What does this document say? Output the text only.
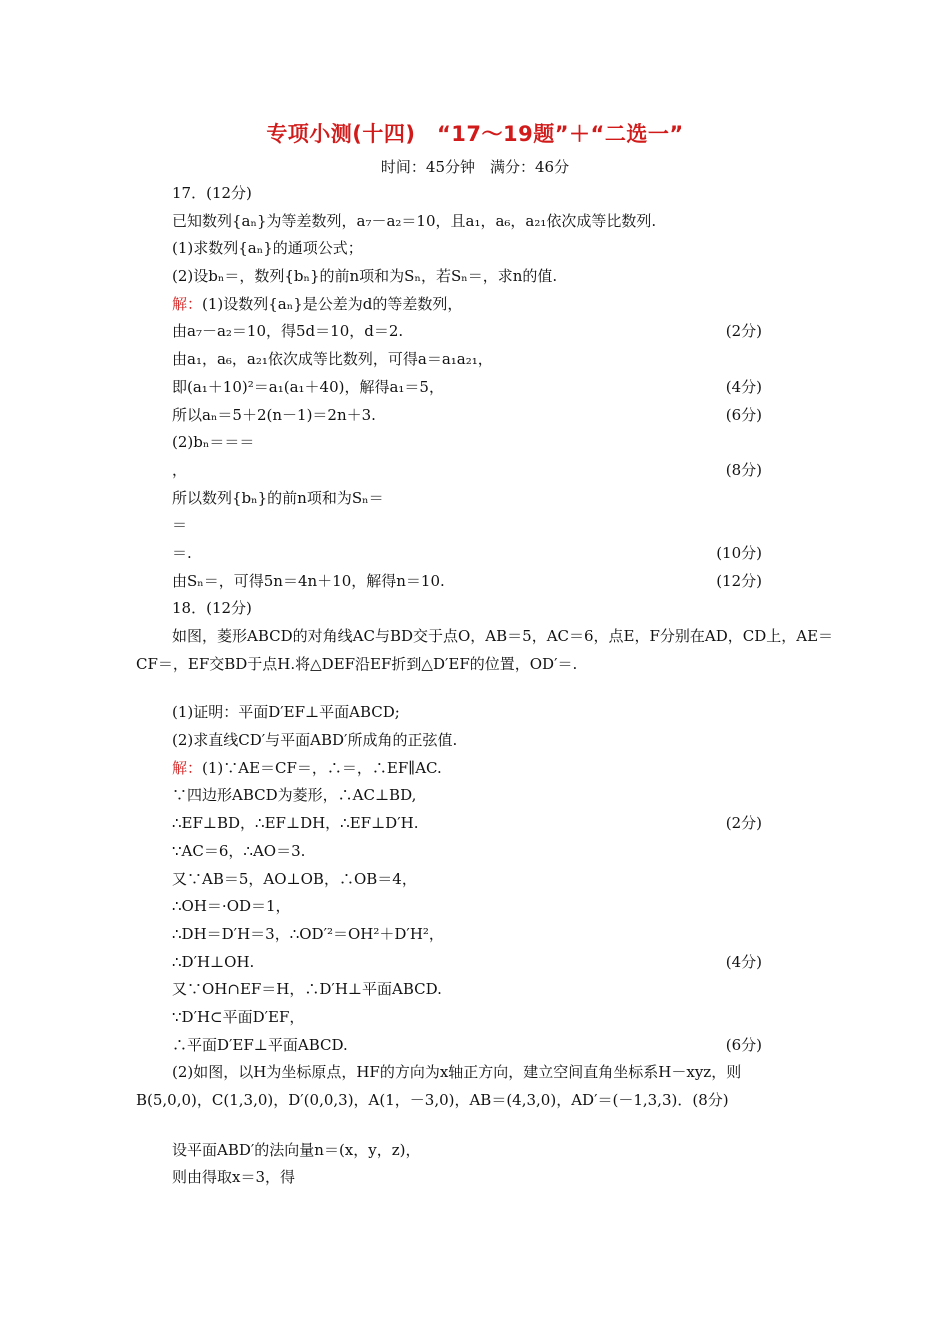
专项小测(十四)　“17～19题”＋“二选一”
时间：45分钟　满分：46分
17．(12分)
已知数列{aₙ}为等差数列，a₇－a₂＝10，且a₁，a₆，a₂₁依次成等比数列.
(1)求数列{aₙ}的通项公式；
(2)设bₙ＝，数列{bₙ}的前n项和为Sₙ，若Sₙ＝，求n的值.
解：(1)设数列{aₙ}是公差为d的等差数列，
由a₇－a₂＝10，得5d＝10，d＝2.	(2分)
由a₁，a₆，a₂₁依次成等比数列，可得a＝a₁a₂₁，
即(a₁＋10)²＝a₁(a₁＋40)，解得a₁＝5，	(4分)
所以aₙ＝5＋2(n－1)＝2n＋3.	(6分)
(2)bₙ＝＝＝
，	(8分)
所以数列{bₙ}的前n项和为Sₙ＝
＝
＝.	(10分)
由Sₙ＝，可得5n＝4n＋10，解得n＝10.	(12分)
18．(12分)
如图，菱形ABCD的对角线AC与BD交于点O，AB＝5，AC＝6，点E，F分别在AD，CD上，AE＝
CF＝，EF交BD于点H.将△DEF沿EF折到△D′EF的位置，OD′＝.
(1)证明：平面D′EF⊥平面ABCD;
(2)求直线CD′与平面ABD′所成角的正弦值.
解：(1)∵AE＝CF＝，∴＝，∴EF∥AC.
∵四边形ABCD为菱形，∴AC⊥BD,
∴EF⊥BD，∴EF⊥DH，∴EF⊥D′H.	(2分)
∵AC＝6，∴AO＝3.
又∵AB＝5，AO⊥OB，∴OB＝4，
∴OH＝·OD＝1，
∴DH＝D′H＝3，∴OD′²＝OH²＋D′H²，
∴D′H⊥OH.	(4分)
又∵OH∩EF＝H，∴D′H⊥平面ABCD.
∵D′H⊂平面D′EF，
∴平面D′EF⊥平面ABCD.	(6分)
(2)如图，以H为坐标原点，HF的方向为x轴正方向，建立空间直角坐标系H－xyz，则
B(5,0,0)，C(1,3,0)，D′(0,0,3)，A(1，－3,0)，AB＝(4,3,0)，AD′＝(－1,3,3)．(8分)
设平面ABD′的法向量n＝(x，y，z)，
则由得取x＝3，得
